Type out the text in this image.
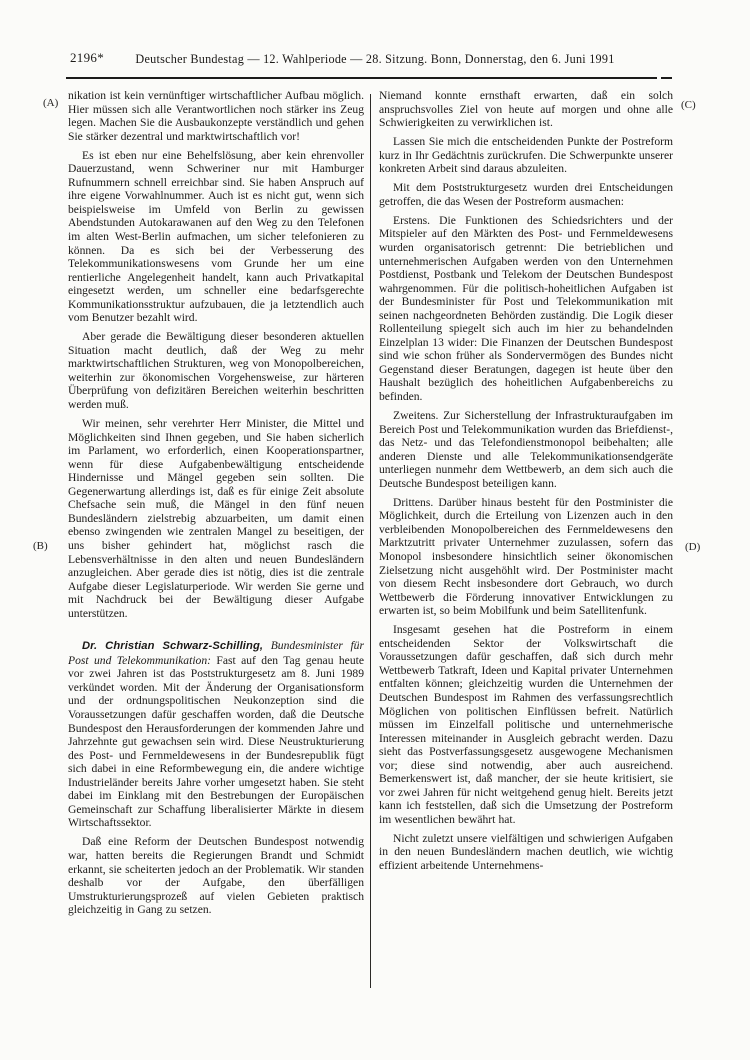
2196*	Deutscher Bundestag — 12. Wahlperiode — 28. Sitzung. Bonn, Donnerstag, den 6. Juni 1991
(A)
(B)
(C)
(D)

nikation ist kein vernünftiger wirtschaftlicher Aufbau möglich. Hier müssen sich alle Verantwortlichen noch stärker ins Zeug legen. Machen Sie die Ausbaukonzepte verständlich und gehen Sie stärker dezentral und marktwirtschaftlich vor!

Es ist eben nur eine Behelfslösung, aber kein ehrenvoller Dauerzustand, wenn Schweriner nur mit Hamburger Rufnummern schnell erreichbar sind. Sie haben Anspruch auf ihre eigene Vorwahlnummer. Auch ist es nicht gut, wenn sich beispielsweise im Umfeld von Berlin zu gewissen Abendstunden Autokarawanen auf den Weg zu den Telefonen im alten West-Berlin aufmachen, um sicher telefonieren zu können. Da es sich bei der Verbesserung des Telekommunikationswesens vom Grunde her um eine rentierliche Angelegenheit handelt, kann auch Privatkapital eingesetzt werden, um schneller eine bedarfsgerechte Kommunikationsstruktur aufzubauen, die ja letztendlich auch vom Benutzer bezahlt wird.

Aber gerade die Bewältigung dieser besonderen aktuellen Situation macht deutlich, daß der Weg zu mehr marktwirtschaftlichen Strukturen, weg von Monopolbereichen, weiterhin zur ökonomischen Vorgehensweise, zur härteren Überprüfung von defizitären Bereichen weiterhin beschritten werden muß.

Wir meinen, sehr verehrter Herr Minister, die Mittel und Möglichkeiten sind Ihnen gegeben, und Sie haben sicherlich im Parlament, wo erforderlich, einen Kooperationspartner, wenn für diese Aufgabenbewältigung entscheidende Hindernisse und Mängel gegeben sein sollten. Die Gegenerwartung allerdings ist, daß es für einige Zeit absolute Chefsache sein muß, die Mängel in den fünf neuen Bundesländern zielstrebig abzuarbeiten, um damit einen ebenso zwingenden wie zentralen Mangel zu beseitigen, der uns bisher gehindert hat, möglichst rasch die Lebensverhältnisse in den alten und neuen Bundesländern anzugleichen. Aber gerade dies ist nötig, dies ist die zentrale Aufgabe dieser Legislaturperiode. Wir werden Sie gerne und mit Nachdruck bei der Bewältigung dieser Aufgabe unterstützen.

Dr. Christian Schwarz-Schilling, Bundesminister für Post und Telekommunikation: Fast auf den Tag genau heute vor zwei Jahren ist das Poststrukturgesetz am 8. Juni 1989 verkündet worden. Mit der Änderung der Organisationsform und der ordnungspolitischen Neukonzeption sind die Voraussetzungen dafür geschaffen worden, daß die Deutsche Bundespost den Herausforderungen der kommenden Jahre und Jahrzehnte gut gewachsen sein wird. Diese Neustrukturierung des Post- und Fernmeldewesens in der Bundesrepublik fügt sich dabei in eine Reformbewegung ein, die andere wichtige Industrieländer bereits Jahre vorher umgesetzt haben. Sie steht dabei im Einklang mit den Bestrebungen der Europäischen Gemeinschaft zur Schaffung liberalisierter Märkte in diesem Wirtschaftssektor.

Daß eine Reform der Deutschen Bundespost notwendig war, hatten bereits die Regierungen Brandt und Schmidt erkannt, sie scheiterten jedoch an der Problematik. Wir standen deshalb vor der Aufgabe, den überfälligen Umstrukturierungsprozeß auf vielen Gebieten praktisch gleichzeitig in Gang zu setzen.

Niemand konnte ernsthaft erwarten, daß ein solch anspruchsvolles Ziel von heute auf morgen und ohne alle Schwierigkeiten zu verwirklichen ist.

Lassen Sie mich die entscheidenden Punkte der Postreform kurz in Ihr Gedächtnis zurückrufen. Die Schwerpunkte unserer konkreten Arbeit sind daraus abzuleiten.

Mit dem Poststrukturgesetz wurden drei Entscheidungen getroffen, die das Wesen der Postreform ausmachen:

Erstens. Die Funktionen des Schiedsrichters und der Mitspieler auf den Märkten des Post- und Fernmeldewesens wurden organisatorisch getrennt: Die betrieblichen und unternehmerischen Aufgaben werden von den Unternehmen Postdienst, Postbank und Telekom der Deutschen Bundespost wahrgenommen. Für die politisch-hoheitlichen Aufgaben ist der Bundesminister für Post und Telekommunikation mit seinen nachgeordneten Behörden zuständig. Die Logik dieser Rollenteilung spiegelt sich auch im hier zu behandelnden Einzelplan 13 wider: Die Finanzen der Deutschen Bundespost sind wie schon früher als Sondervermögen des Bundes nicht Gegenstand dieser Beratungen, dagegen ist heute über den Haushalt bezüglich des hoheitlichen Aufgabenbereichs zu befinden.

Zweitens. Zur Sicherstellung der Infrastrukturaufgaben im Bereich Post und Telekommunikation wurden das Briefdienst-, das Netz- und das Telefondienstmonopol beibehalten; alle anderen Dienste und alle Telekommunikationsendgeräte unterliegen nunmehr dem Wettbewerb, an dem sich auch die Deutsche Bundespost beteiligen kann.

Drittens. Darüber hinaus besteht für den Postminister die Möglichkeit, durch die Erteilung von Lizenzen auch in den verbleibenden Monopolbereichen des Fernmeldewesens den Marktzutritt privater Unternehmer zuzulassen, sofern das Monopol insbesondere hinsichtlich seiner ökonomischen Zielsetzung nicht ausgehöhlt wird. Der Postminister macht von diesem Recht insbesondere dort Gebrauch, wo durch Wettbewerb die Förderung innovativer Entwicklungen zu erwarten ist, so beim Mobilfunk und beim Satellitenfunk.

Insgesamt gesehen hat die Postreform in einem entscheidenden Sektor der Volkswirtschaft die Voraussetzungen dafür geschaffen, daß sich durch mehr Wettbewerb Tatkraft, Ideen und Kapital privater Unternehmen entfalten können; gleichzeitig wurden die Unternehmen der Deutschen Bundespost im Rahmen des verfassungsrechtlich Möglichen von politischen Einflüssen befreit. Natürlich müssen im Einzelfall politische und unternehmerische Interessen miteinander in Ausgleich gebracht werden. Dazu sieht das Postverfassungsgesetz ausgewogene Mechanismen vor; diese sind notwendig, aber auch ausreichend. Bemerkenswert ist, daß mancher, der sie heute kritisiert, sie vor zwei Jahren für nicht weitgehend genug hielt. Bereits jetzt kann ich feststellen, daß sich die Umsetzung der Postreform im wesentlichen bewährt hat.

Nicht zuletzt unsere vielfältigen und schwierigen Aufgaben in den neuen Bundesländern machen deutlich, wie wichtig effizient arbeitende Unternehmens-
